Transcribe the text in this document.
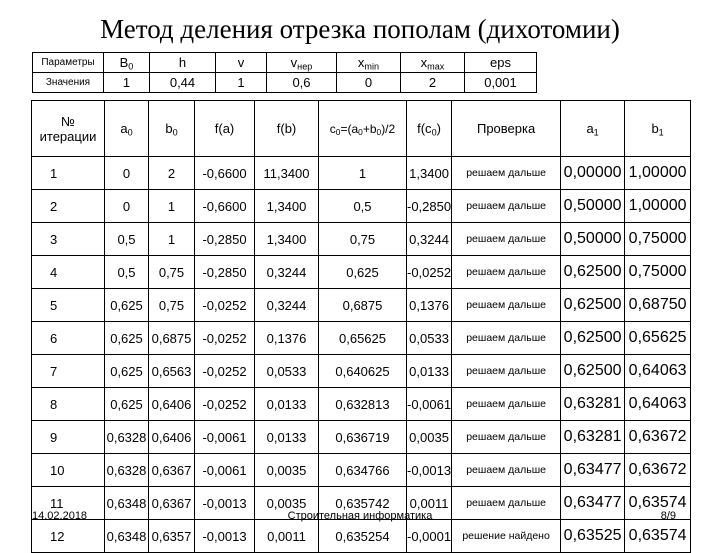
Метод деления отрезка пополам (дихотомии)
Параметры	$B_0$	h	v	$v_{нер}$	$x_{min}$	$x_{max}$	eps
Значения	1	0,44	1	0,6	0	2	0,001
№ итерации	$a_0$	$b_0$	f(a)	f(b)	$c_0=(a_0+b_0)/2$	$f(c_0)$	Проверка	$a_1$	$b_1$
1	0	2	-0,6600	11,3400	1	1,3400	решаем дальше	0,00000	1,00000
2	0	1	-0,6600	1,3400	0,5	-0,2850	решаем дальше	0,50000	1,00000
3	0,5	1	-0,2850	1,3400	0,75	0,3244	решаем дальше	0,50000	0,75000
4	0,5	0,75	-0,2850	0,3244	0,625	-0,0252	решаем дальше	0,62500	0,75000
5	0,625	0,75	-0,0252	0,3244	0,6875	0,1376	решаем дальше	0,62500	0,68750
6	0,625	0,6875	-0,0252	0,1376	0,65625	0,0533	решаем дальше	0,62500	0,65625
7	0,625	0,6563	-0,0252	0,0533	0,640625	0,0133	решаем дальше	0,62500	0,64063
8	0,625	0,6406	-0,0252	0,0133	0,632813	-0,0061	решаем дальше	0,63281	0,64063
9	0,6328	0,6406	-0,0061	0,0133	0,636719	0,0035	решаем дальше	0,63281	0,63672
10	0,6328	0,6367	-0,0061	0,0035	0,634766	-0,0013	решаем дальше	0,63477	0,63672
11	0,6348	0,6367	-0,0013	0,0035	0,635742	0,0011	решаем дальше	0,63477	0,63574
12	0,6348	0,6357	-0,0013	0,0011	0,635254	-0,0001	решение найдено	0,63525	0,63574
14.02.2018	Строительная информатика	8/9
